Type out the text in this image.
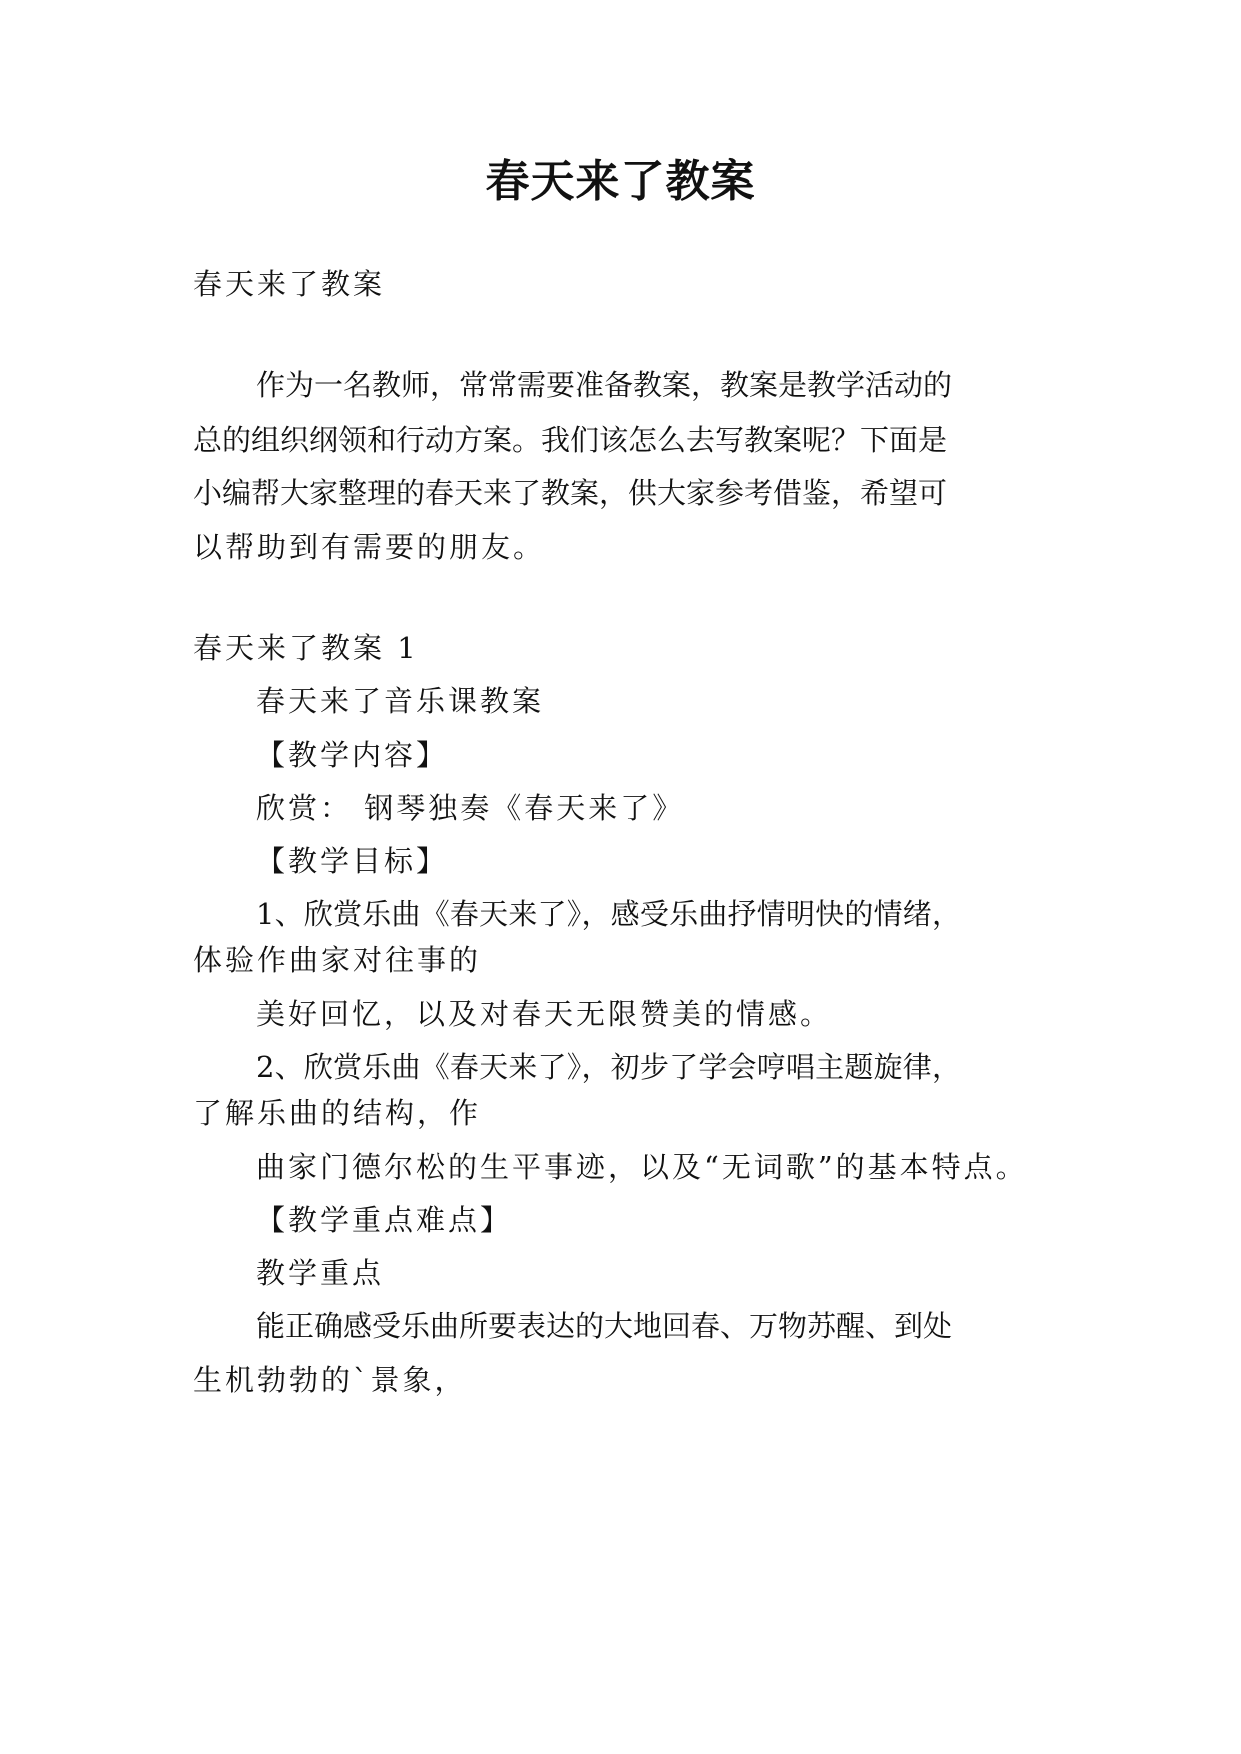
春天来了教案

春天来了教案

作为一名教师，常常需要准备教案，教案是教学活动的

总的组织纲领和行动方案。我们该怎么去写教案呢？下面是

小编帮大家整理的春天来了教案，供大家参考借鉴，希望可

以帮助到有需要的朋友。

春天来了教案 1

春天来了音乐课教案

【教学内容】

欣赏： 钢琴独奏《春天来了》

【教学目标】

1、欣赏乐曲《春天来了》，感受乐曲抒情明快的情绪，

体验作曲家对往事的

美好回忆，以及对春天无限赞美的情感。

2、欣赏乐曲《春天来了》，初步了学会哼唱主题旋律，

了解乐曲的结构，作

曲家门德尔松的生平事迹，以及“无词歌”的基本特点。

【教学重点难点】

教学重点

能正确感受乐曲所要表达的大地回春、万物苏醒、到处

生机勃勃的`景象，
